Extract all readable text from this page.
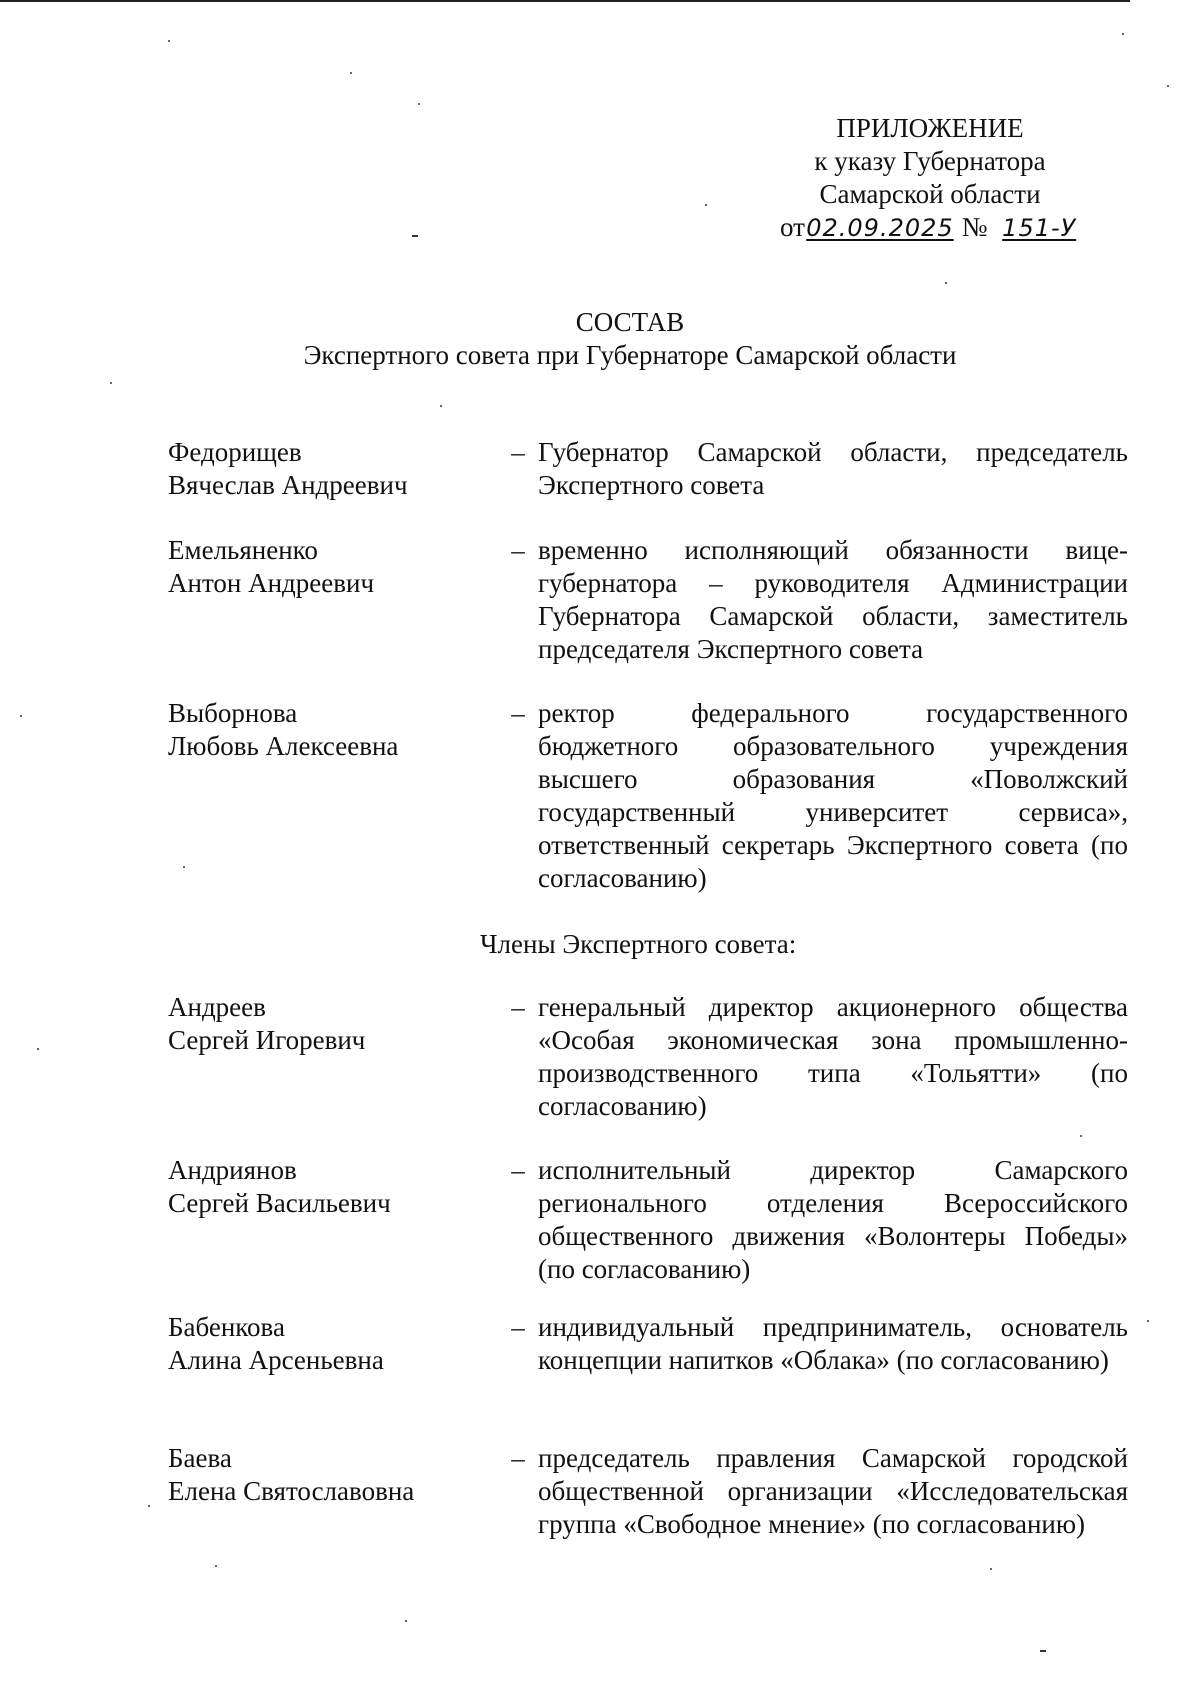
ПРИЛОЖЕНИЕ
к указу Губернатора
Самарской области
от02.09.2025 № 151-У
СОСТАВ
Экспертного совета при Губернаторе Самарской области
Федорищев
Вячеслав Андреевич
– Губернатор Самарской области, председатель Экспертного совета
Емельяненко
Антон Андреевич
– временно исполняющий обязанности вице-губернатора – руководителя Администрации Губернатора Самарской области, заместитель председателя Экспертного совета
Выборнова
Любовь Алексеевна
– ректор федерального государственного бюджетного образовательного учреждения высшего образования «Поволжский государственный университет сервиса», ответственный секретарь Экспертного совета (по согласованию)
Члены Экспертного совета:
Андреев
Сергей Игоревич
– генеральный директор акционерного общества «Особая экономическая зона промышленно-производственного типа «Тольятти» (по согласованию)
Андриянов
Сергей Васильевич
– исполнительный директор Самарского регионального отделения Всероссийского общественного движения «Волонтеры Победы» (по согласованию)
Бабенкова
Алина Арсеньевна
– индивидуальный предприниматель, основатель концепции напитков «Облака» (по согласованию)
Баева
Елена Святославовна
– председатель правления Самарской городской общественной организации «Исследовательская группа «Свободное мнение» (по согласованию)
